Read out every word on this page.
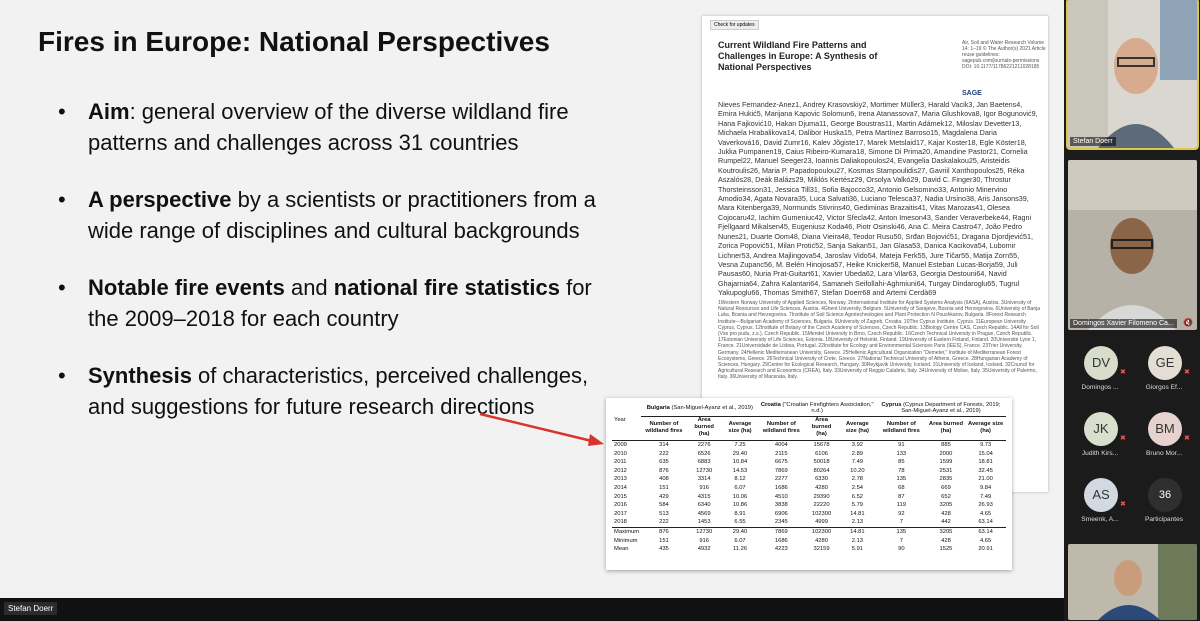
Fires in Europe: National Perspectives
• Aim: general overview of the diverse wildland fire patterns and challenges across 31 countries
• A perspective by a scientists or practitioners from a wide range of disciplines and cultural backgrounds
• Notable fire events and national fire statistics for the 2009–2018 for each country
• Synthesis of characteristics, perceived challenges, and suggestions for future research directions
Check for updates
Current Wildland Fire Patterns and Challenges in Europe: A Synthesis of National Perspectives
Air, Soil and Water Research Volume 14: 1–19 © The Author(s) 2021 Article reuse guidelines: sagepub.com/journals-permissions DOI: 10.1177/11786221211028185
SAGE
Nieves Fernandez-Anez1, Andrey Krasovskiy2, Mortimer Müller3, Harald Vacik3, Jan Baetens4, Emira Hukić5, Marijana Kapovic Solomun6, Irena Atanassova7, Maria Glushkova8, Igor Bogunović9, Hana Fajković10, Hakan Djuma11, George Boustras11, Martin Adámek12, Miloslav Devetter13, Michaela Hrabalikova14, Dalibor Huska15, Petra Martínez Barroso15, Magdalena Daria Vaverková16, David Zumr16, Kalev Jõgiste17, Marek Metslaid17, Kajar Koster18, Egle Köster18, Jukka Pumpanen19, Caius Ribeiro-Kumara18, Simone Di Prima20, Amandine Pastor21, Cornelia Rumpel22, Manuel Seeger23, Ioannis Daliakopoulos24, Evangelia Daskalakou25, Aristeidis Koutroulis26, Maria P. Papadopoulou27, Kosmas Stampoulidis27, Gavriil Xanthopoulos25, Réka Aszalós28, Deák Balázs29, Miklós Kertész29, Orsolya Valkó29, David C. Finger30, Throstur Thorsteinsson31, Jessica Till31, Sofia Bajocco32, Antonio Gelsomino33, Antonio Minervino Amodio34, Agata Novara35, Luca Salvati36, Luciano Telesca37, Nadia Ursino38, Aris Jansons39, Mara Kitenberga39, Normunds Stivrins40, Gediminas Brazaitis41, Vitas Marozas41, Olesea Cojocaru42, Iachim Gumeniuc42, Victor Sfecla42, Anton Imeson43, Sander Veraverbeke44, Ragni Fjellgaard Mikalsen45, Eugeniusz Koda46, Piotr Osinski46, Ana C. Meira Castro47, João Pedro Nunes21, Duarte Oom48, Diana Vieira48, Teodor Rusu50, Srđan Bojović51, Dragana Djordjević51, Zorica Popović51, Milan Protić52, Sanja Sakan51, Jan Glasa53, Danica Kacikova54, Lubomir Lichner53, Andrea Majlingova54, Jaroslav Vido54, Mateja Ferk55, Jure Tičar55, Matija Zorn55, Vesna Zupanc56, M. Belén Hinojosa57, Heike Knicker58, Manuel Esteban Lucas-Borja59, Juli Pausas60, Nuria Prat-Guitart61, Xavier Ubeda62, Lara Vilar63, Georgia Destouni64, Navid Ghajarnia64, Zahra Kalantari64, Samaneh Seifollahi-Aghmiuni64, Turgay Dindaroglu65, Tugrul Yakupoglu66, Thomas Smith67, Stefan Doerr68 and Artemi Cerdà69
1Western Norway University of Applied Sciences, Norway. 2International Institute for Applied Systems Analysis (IIASA), Austria. 3University of Natural Resources and Life Sciences, Austria. 4Ghent University, Belgium. 5University of Sarajevo, Bosnia and Herzegovina. 6University of Banja Luka, Bosnia and Herzegovina. 7Institute of Soil Science Agrotechnologies and Plant Protection N Poushkarov, Bulgaria. 8Forest Research Institute—Bulgarian Academy of Sciences, Bulgaria. 9University of Zagreb, Croatia. 10The Cyprus Institute, Cyprus. 11European University Cyprus, Cyprus. 12Institute of Botany of the Czech Academy of Sciences, Czech Republic. 13Biology Centre CAS, Czech Republic. 14All for Soil (Vse pro pudu, z.s.), Czech Republic. 15Mendel University in Brno, Czech Republic. 16Czech Technical University in Prague, Czech Republic. 17Estonian University of Life Sciences, Estonia. 18University of Helsinki, Finland. 19University of Eastern Finland, Finland. 20Université Lyon 1, France. 21Universidade de Lisboa, Portugal. 22Institute for Ecology and Environmental Sciences Paris (IEES), France. 23Trier University, Germany. 24Hellenic Mediterranean University, Greece. 25Hellenic Agricultural Organization "Demeter," Institute of Mediterranean Forest Ecosystems, Greece. 26Technical University of Crete, Greece. 27National Technical University of Athens, Greece. 28Hungarian Academy of Sciences, Hungary. 29Centre for Ecological Research, Hungary. 30Reykjavik University, Iceland. 31University of Iceland, Iceland. 32Council for Agricultural Research and Economics (CREA), Italy. 33University of Reggio Calabria, Italy. 34University of Molise, Italy. 35University of Palermo, Italy. 36University of Macerata, Italy.
Year	Bulgaria (San-Miguel-Ayanz et al., 2019)			Croatia ("Croatian Firefighters Association," n.d.)			Cyprus (Cyprus Department of Forests, 2019; San-Miguel-Ayanz et al., 2019)		
	Number of wildland fires	Area burned (ha)	Average size (ha)	Number of wildland fires	Area burned (ha)	Average size (ha)	Number of wildland fires	Area burned (ha)	Average size (ha)
2009	314	2276	7.25	4004	15678	3.92	91	885	9.73
2010	222	6526	29.40	2115	6106	2.89	133	2000	15.04
2011	635	6883	10.84	6675	50018	7.49	85	1599	18.81
2012	876	12730	14.53	7869	80264	10.20	78	2531	32.45
2013	408	3314	8.12	2277	6330	2.78	135	2835	21.00
2014	151	916	6.07	1686	4280	2.54	68	669	9.84
2015	429	4315	10.06	4510	29390	6.52	87	652	7.49
2016	584	6340	10.86	3838	22220	5.79	119	3205	26.93
2017	513	4569	8.91	6906	102300	14.81	92	428	4.65
2018	222	1453	6.55	2345	4999	2.13	7	442	63.14
Maximum	876	12730	29.40	7869	102300	14.81	135	3205	63.14
Minimum	151	916	6.07	1686	4280	2.13	7	428	4.65
Mean	435	4932	11.26	4223	32159	5.91	90	1525	20.91
Stefan Doerr
Domingos Xavier Filomeno Ca...	🔇
DV
✖
Domingos ...
GE
✖
Giorgos Ef...
JK
✖
Judith Kirs...
BM
✖
Bruno Mor...
AS
✖
Smeenk, A...
36
Participantes
Stefan Doerr
